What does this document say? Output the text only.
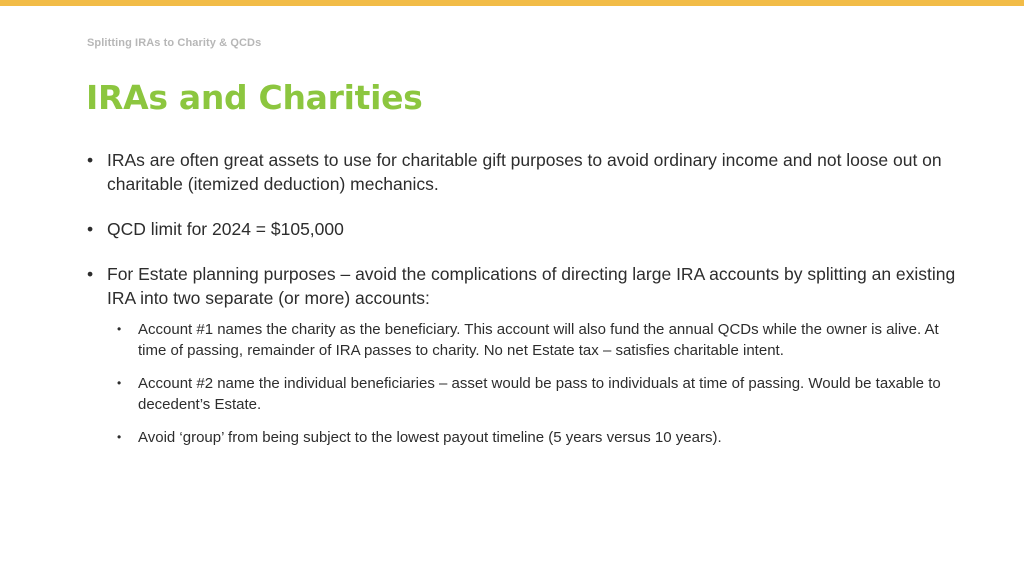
Splitting IRAs to Charity & QCDs
IRAs and Charities
• IRAs are often great assets to use for charitable gift purposes to avoid ordinary income and not loose out on charitable (itemized deduction) mechanics.
• QCD limit for 2024 = $105,000
• For Estate planning purposes – avoid the complications of directing large IRA accounts by splitting an existing IRA into two separate (or more) accounts:
• Account #1 names the charity as the beneficiary. This account will also fund the annual QCDs while the owner is alive. At time of passing, remainder of IRA passes to charity. No net Estate tax – satisfies charitable intent.
• Account #2 name the individual beneficiaries – asset would be pass to individuals at time of passing. Would be taxable to decedent’s Estate.
• Avoid ‘group’ from being subject to the lowest payout timeline (5 years versus 10 years).
